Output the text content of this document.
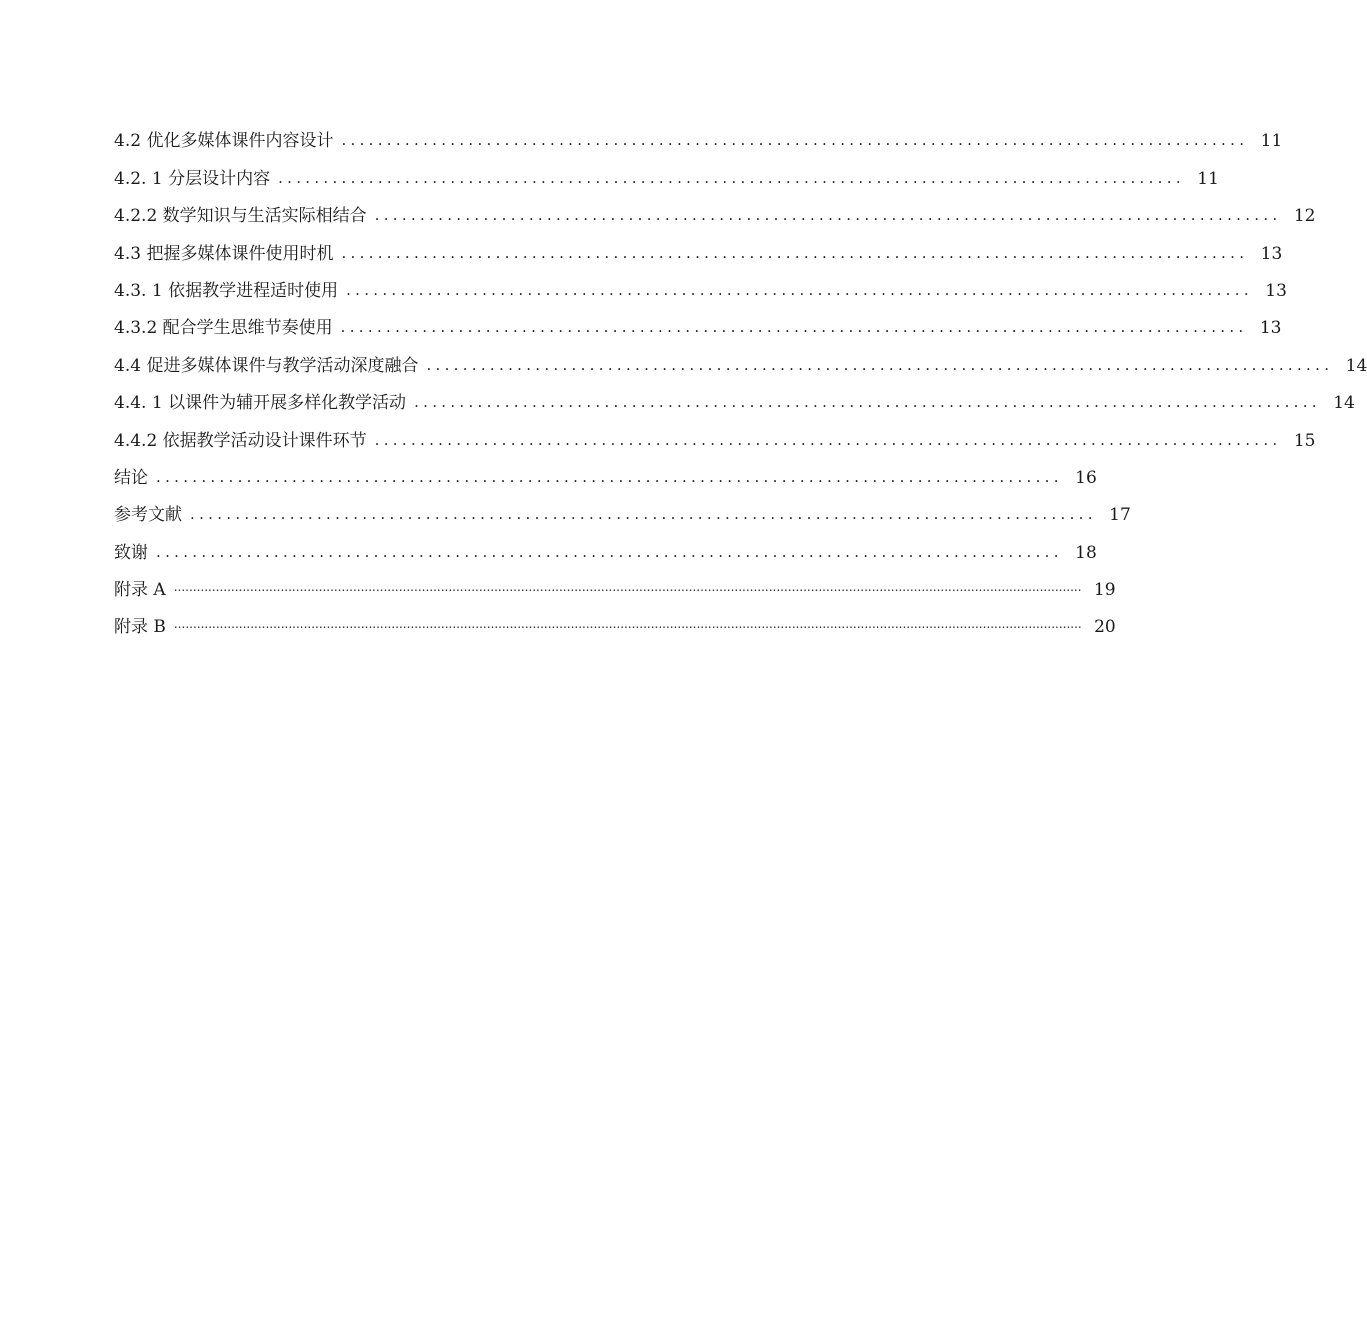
4.2 优化多媒体课件内容设计 .................................................................................................... 11
4.2. 1 分层设计内容 .................................................................................................... 11
4.2.2 数学知识与生活实际相结合 .................................................................................................... 12
4.3 把握多媒体课件使用时机 .................................................................................................... 13
4.3. 1 依据教学进程适时使用 .................................................................................................... 13
4.3.2 配合学生思维节奏使用 .................................................................................................... 13
4.4 促进多媒体课件与教学活动深度融合 .................................................................................................... 14
4.4. 1 以课件为辅开展多样化教学活动 .................................................................................................... 14
4.4.2 依据教学活动设计课件环节 .................................................................................................... 15
结论 .................................................................................................... 16
参考文献 .................................................................................................... 17
致谢 .................................................................................................... 18
附录 A .............................................................................................................................................................................................................................................. 19
附录 B .............................................................................................................................................................................................................................................. 20
